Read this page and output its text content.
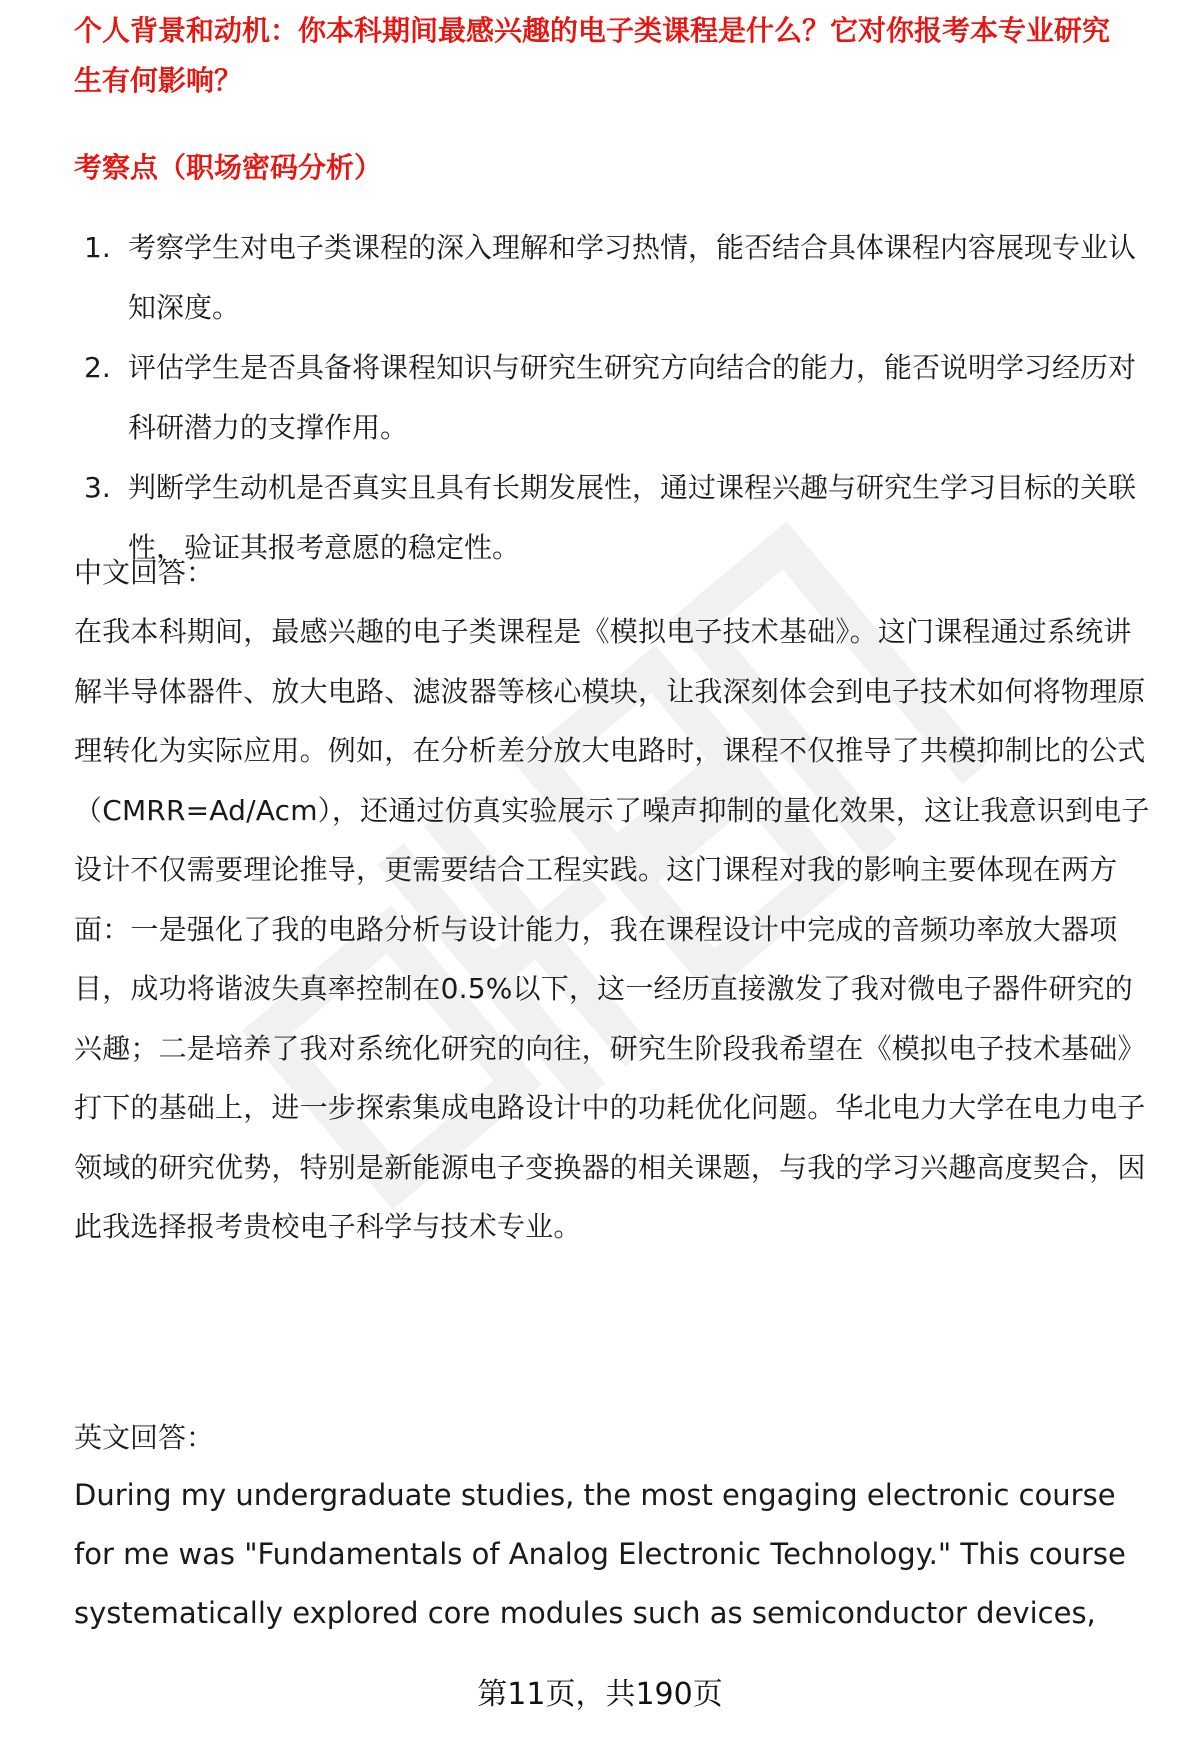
个人背景和动机：你本科期间最感兴趣的电子类课程是什么？它对你报考本专业研究生有何影响？
考察点（职场密码分析）
1. 考察学生对电子类课程的深入理解和学习热情，能否结合具体课程内容展现专业认知深度。
2. 评估学生是否具备将课程知识与研究生研究方向结合的能力，能否说明学习经历对科研潜力的支撑作用。
3. 判断学生动机是否真实且具有长期发展性，通过课程兴趣与研究生学习目标的关联性，验证其报考意愿的稳定性。

中文回答：

在我本科期间，最感兴趣的电子类课程是《模拟电子技术基础》。这门课程通过系统讲解半导体器件、放大电路、滤波器等核心模块，让我深刻体会到电子技术如何将物理原理转化为实际应用。例如，在分析差分放大电路时，课程不仅推导了共模抑制比的公式（CMRR=Ad/Acm），还通过仿真实验展示了噪声抑制的量化效果，这让我意识到电子设计不仅需要理论推导，更需要结合工程实践。这门课程对我的影响主要体现在两方面：一是强化了我的电路分析与设计能力，我在课程设计中完成的音频功率放大器项目，成功将谐波失真率控制在0.5%以下，这一经历直接激发了我对微电子器件研究的兴趣；二是培养了我对系统化研究的向往，研究生阶段我希望在《模拟电子技术基础》打下的基础上，进一步探索集成电路设计中的功耗优化问题。华北电力大学在电力电子领域的研究优势，特别是新能源电子变换器的相关课题，与我的学习兴趣高度契合，因此我选择报考贵校电子科学与技术专业。

英文回答：

During my undergraduate studies, the most engaging electronic course for me was "Fundamentals of Analog Electronic Technology." This course systematically explored core modules such as semiconductor devices,

第11页，共190页
